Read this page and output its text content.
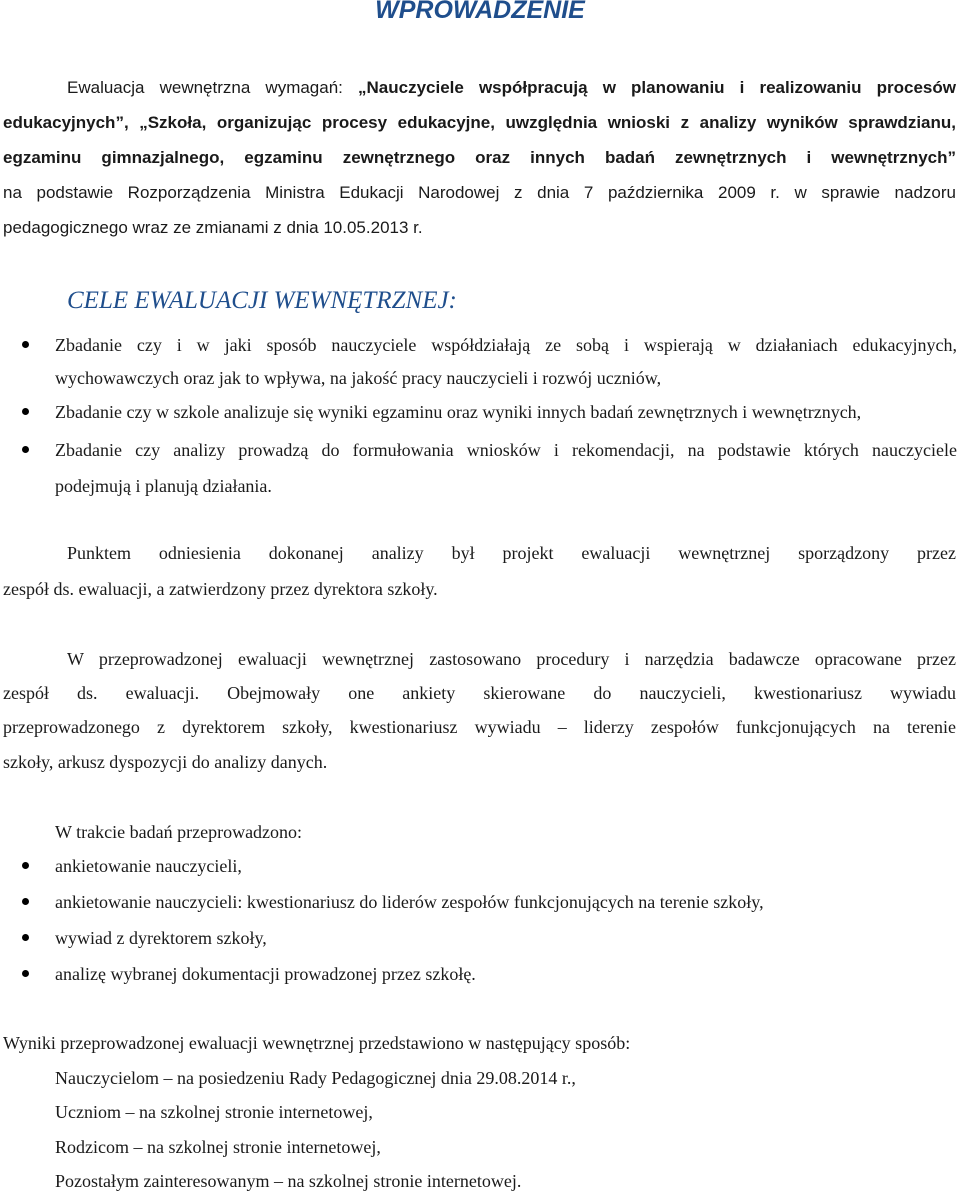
WPROWADZENIE
Ewaluacja wewnętrzna wymagań: „Nauczyciele współpracują w planowaniu i realizowaniu procesów
edukacyjnych”, „Szkoła, organizując procesy edukacyjne, uwzględnia wnioski z analizy wyników sprawdzianu,
egzaminu gimnazjalnego, egzaminu zewnętrznego oraz innych badań zewnętrznych i wewnętrznych”
na podstawie Rozporządzenia Ministra Edukacji Narodowej z dnia 7 października 2009 r. w sprawie nadzoru
pedagogicznego wraz ze zmianami z dnia 10.05.2013 r.
CELE EWALUACJI WEWNĘTRZNEJ:
Zbadanie czy i w jaki sposób nauczyciele współdziałają ze sobą i wspierają w działaniach edukacyjnych,
wychowawczych oraz jak to wpływa, na jakość pracy nauczycieli i rozwój uczniów,
Zbadanie czy w szkole analizuje się wyniki egzaminu oraz wyniki innych badań zewnętrznych i wewnętrznych,
Zbadanie czy analizy prowadzą do formułowania wniosków i rekomendacji, na podstawie których nauczyciele
podejmują i planują działania.
Punktem odniesienia dokonanej analizy był projekt ewaluacji wewnętrznej sporządzony przez
zespół ds. ewaluacji, a zatwierdzony przez dyrektora szkoły.
W przeprowadzonej ewaluacji wewnętrznej zastosowano procedury i narzędzia badawcze opracowane przez
zespół ds. ewaluacji. Obejmowały one ankiety skierowane do nauczycieli, kwestionariusz wywiadu
przeprowadzonego z dyrektorem szkoły, kwestionariusz wywiadu – liderzy zespołów funkcjonujących na terenie
szkoły, arkusz dyspozycji do analizy danych.
W trakcie badań przeprowadzono:
ankietowanie nauczycieli,
ankietowanie nauczycieli: kwestionariusz do liderów zespołów funkcjonujących na terenie szkoły,
wywiad z dyrektorem szkoły,
analizę wybranej dokumentacji prowadzonej przez szkołę.
Wyniki przeprowadzonej ewaluacji wewnętrznej przedstawiono w następujący sposób:
Nauczycielom – na posiedzeniu Rady Pedagogicznej dnia 29.08.2014 r.,
Uczniom – na szkolnej stronie internetowej,
Rodzicom – na szkolnej stronie internetowej,
Pozostałym zainteresowanym – na szkolnej stronie internetowej.
